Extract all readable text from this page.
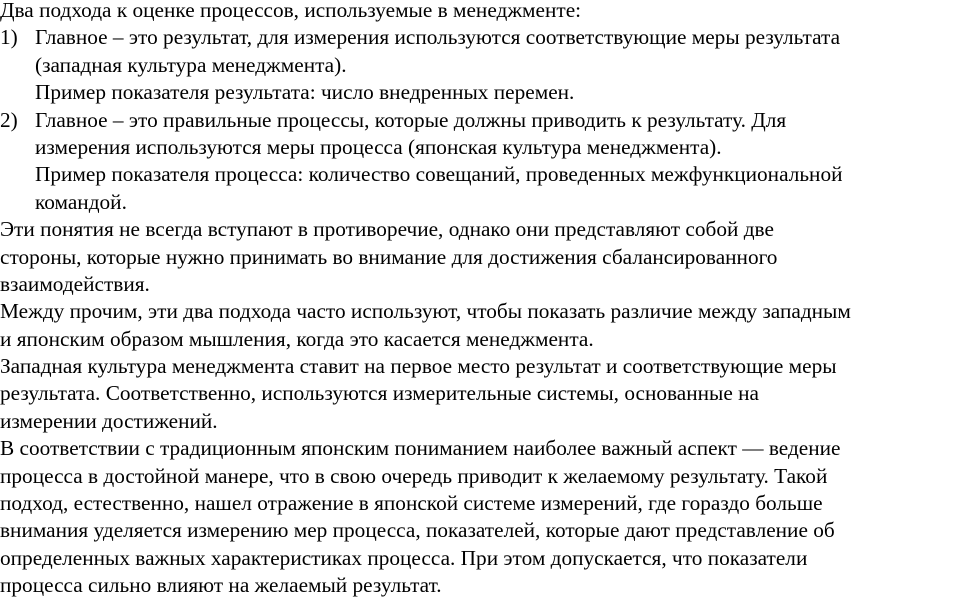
Два подхода к оценке процессов, используемые в менеджменте:
1) Главное – это результат, для измерения используются соответствующие меры результата
(западная культура менеджмента).
Пример показателя результата: число внедренных перемен.
2) Главное – это правильные процессы, которые должны приводить к результату. Для
измерения используются меры процесса (японская культура менеджмента).
Пример показателя процесса: количество совещаний, проведенных межфункциональной
командой.
Эти понятия не всегда вступают в противоречие, однако они представляют собой две
стороны, которые нужно принимать во внимание для достижения сбалансированного
взаимодействия.
Между прочим, эти два подхода часто используют, чтобы показать различие между западным
и японским образом мышления, когда это касается менеджмента.
Западная культура менеджмента ставит на первое место результат и соответствующие меры
результата. Соответственно, используются измерительные системы, основанные на
измерении достижений.
В соответствии с традиционным японским пониманием наиболее важный аспект — ведение
процесса в достойной манере, что в свою очередь приводит к желаемому результату. Такой
подход, естественно, нашел отражение в японской системе измерений, где гораздо больше
внимания уделяется измерению мер процесса, показателей, которые дают представление об
определенных важных характеристиках процесса. При этом допускается, что показатели
процесса сильно влияют на желаемый результат.
